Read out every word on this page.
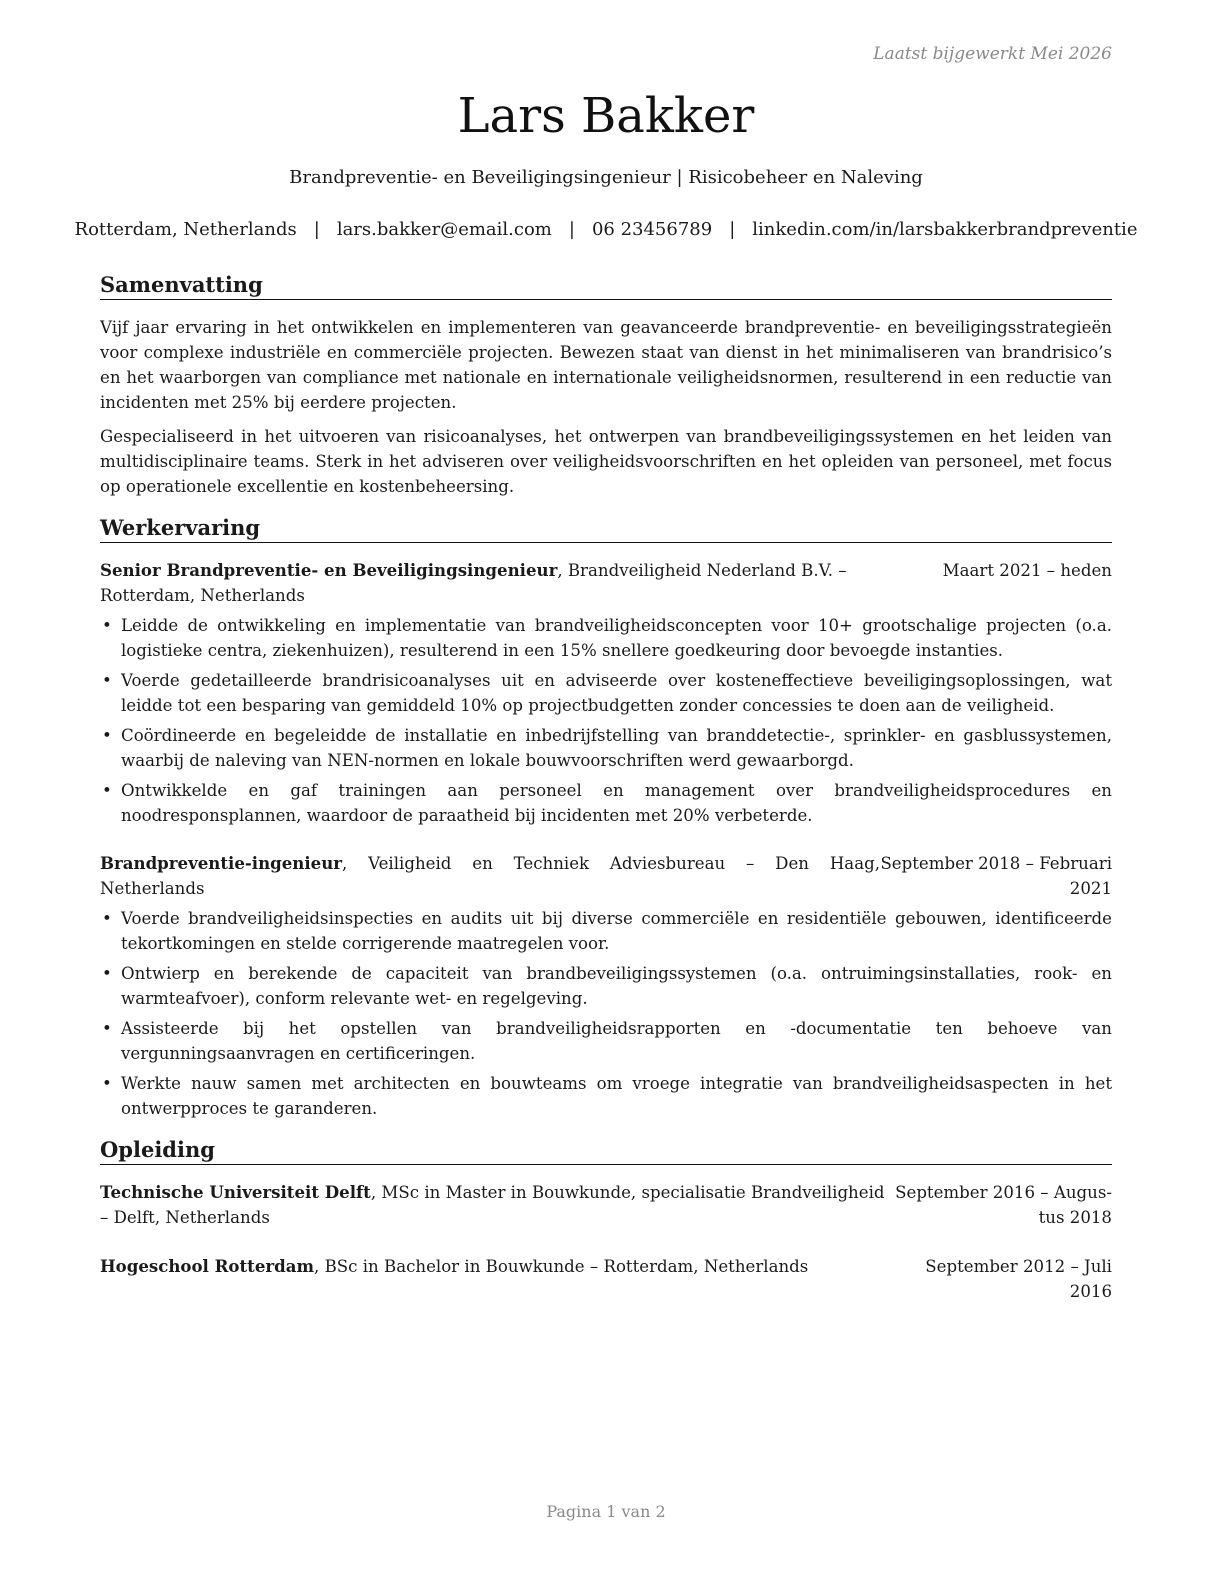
Laatst bijgewerkt Mei 2026
Lars Bakker
Brandpreventie- en Beveiligingsingenieur | Risicobeheer en Naleving
Rotterdam, Netherlands | lars.bakker@email.com | 06 23456789 | linkedin.com/in/larsbakkerbrandpreventie
Samenvatting

Vijf jaar ervaring in het ontwikkelen en implementeren van geavanceerde brandpreventie- en beveiligingsstrategieën voor complexe industriële en commerciële projecten. Bewezen staat van dienst in het minimaliseren van brandrisico’s en het waarborgen van compliance met nationale en internationale veiligheidsnormen, resulterend in een reductie van incidenten met 25% bij eerdere projecten.

Gespecialiseerd in het uitvoeren van risicoanalyses, het ontwerpen van brandbeveiligingssystemen en het leiden van multidisciplinaire teams. Sterk in het adviseren over veiligheidsvoorschriften en het opleiden van personeel, met focus op operationele excellentie en kostenbeheersing.

Werkervaring
Senior Brandpreventie- en Beveiligingsingenieur, Brandveiligheid Nederland B.V. –
Rotterdam, Netherlands
Maart 2021 – heden
• Leidde de ontwikkeling en implementatie van brandveiligheidsconcepten voor 10+ grootschalige projecten (o.a. logistieke centra, ziekenhuizen), resulterend in een 15% snellere goedkeuring door bevoegde instanties.
• Voerde gedetailleerde brandrisicoanalyses uit en adviseerde over kosteneffectieve beveiligingsoplossingen, wat leidde tot een besparing van gemiddeld 10% op projectbudgetten zonder concessies te doen aan de veiligheid.
• Coördineerde en begeleidde de installatie en inbedrijfstelling van branddetectie-, sprinkler- en gasblussystemen, waarbij de naleving van NEN-normen en lokale bouwvoorschriften werd gewaarborgd.
• Ontwikkelde en gaf trainingen aan personeel en management over brandveiligheidsprocedures en noodresponsplannen, waardoor de paraatheid bij incidenten met 20% verbeterde.
Brandpreventie-ingenieur, Veiligheid en Techniek Adviesbureau – Den Haag, Netherlands
September 2018 – Februari
2021
• Voerde brandveiligheidsinspecties en audits uit bij diverse commerciële en residentiële gebouwen, identificeerde tekortkomingen en stelde corrigerende maatregelen voor.
• Ontwierp en berekende de capaciteit van brandbeveiligingssystemen (o.a. ontruimingsinstallaties, rook- en warmteafvoer), conform relevante wet- en regelgeving.
• Assisteerde bij het opstellen van brandveiligheidsrapporten en -documentatie ten behoeve van vergunningsaanvragen en certificeringen.
• Werkte nauw samen met architecten en bouwteams om vroege integratie van brandveiligheidsaspecten in het ontwerpproces te garanderen.
Opleiding
Technische Universiteit Delft, MSc in Master in Bouwkunde, specialisatie Brandveiligheid
– Delft, Netherlands
September 2016 – Augus-
tus 2018
Hogeschool Rotterdam, BSc in Bachelor in Bouwkunde – Rotterdam, Netherlands	September 2012 – Juli
2016
Pagina 1 van 2
